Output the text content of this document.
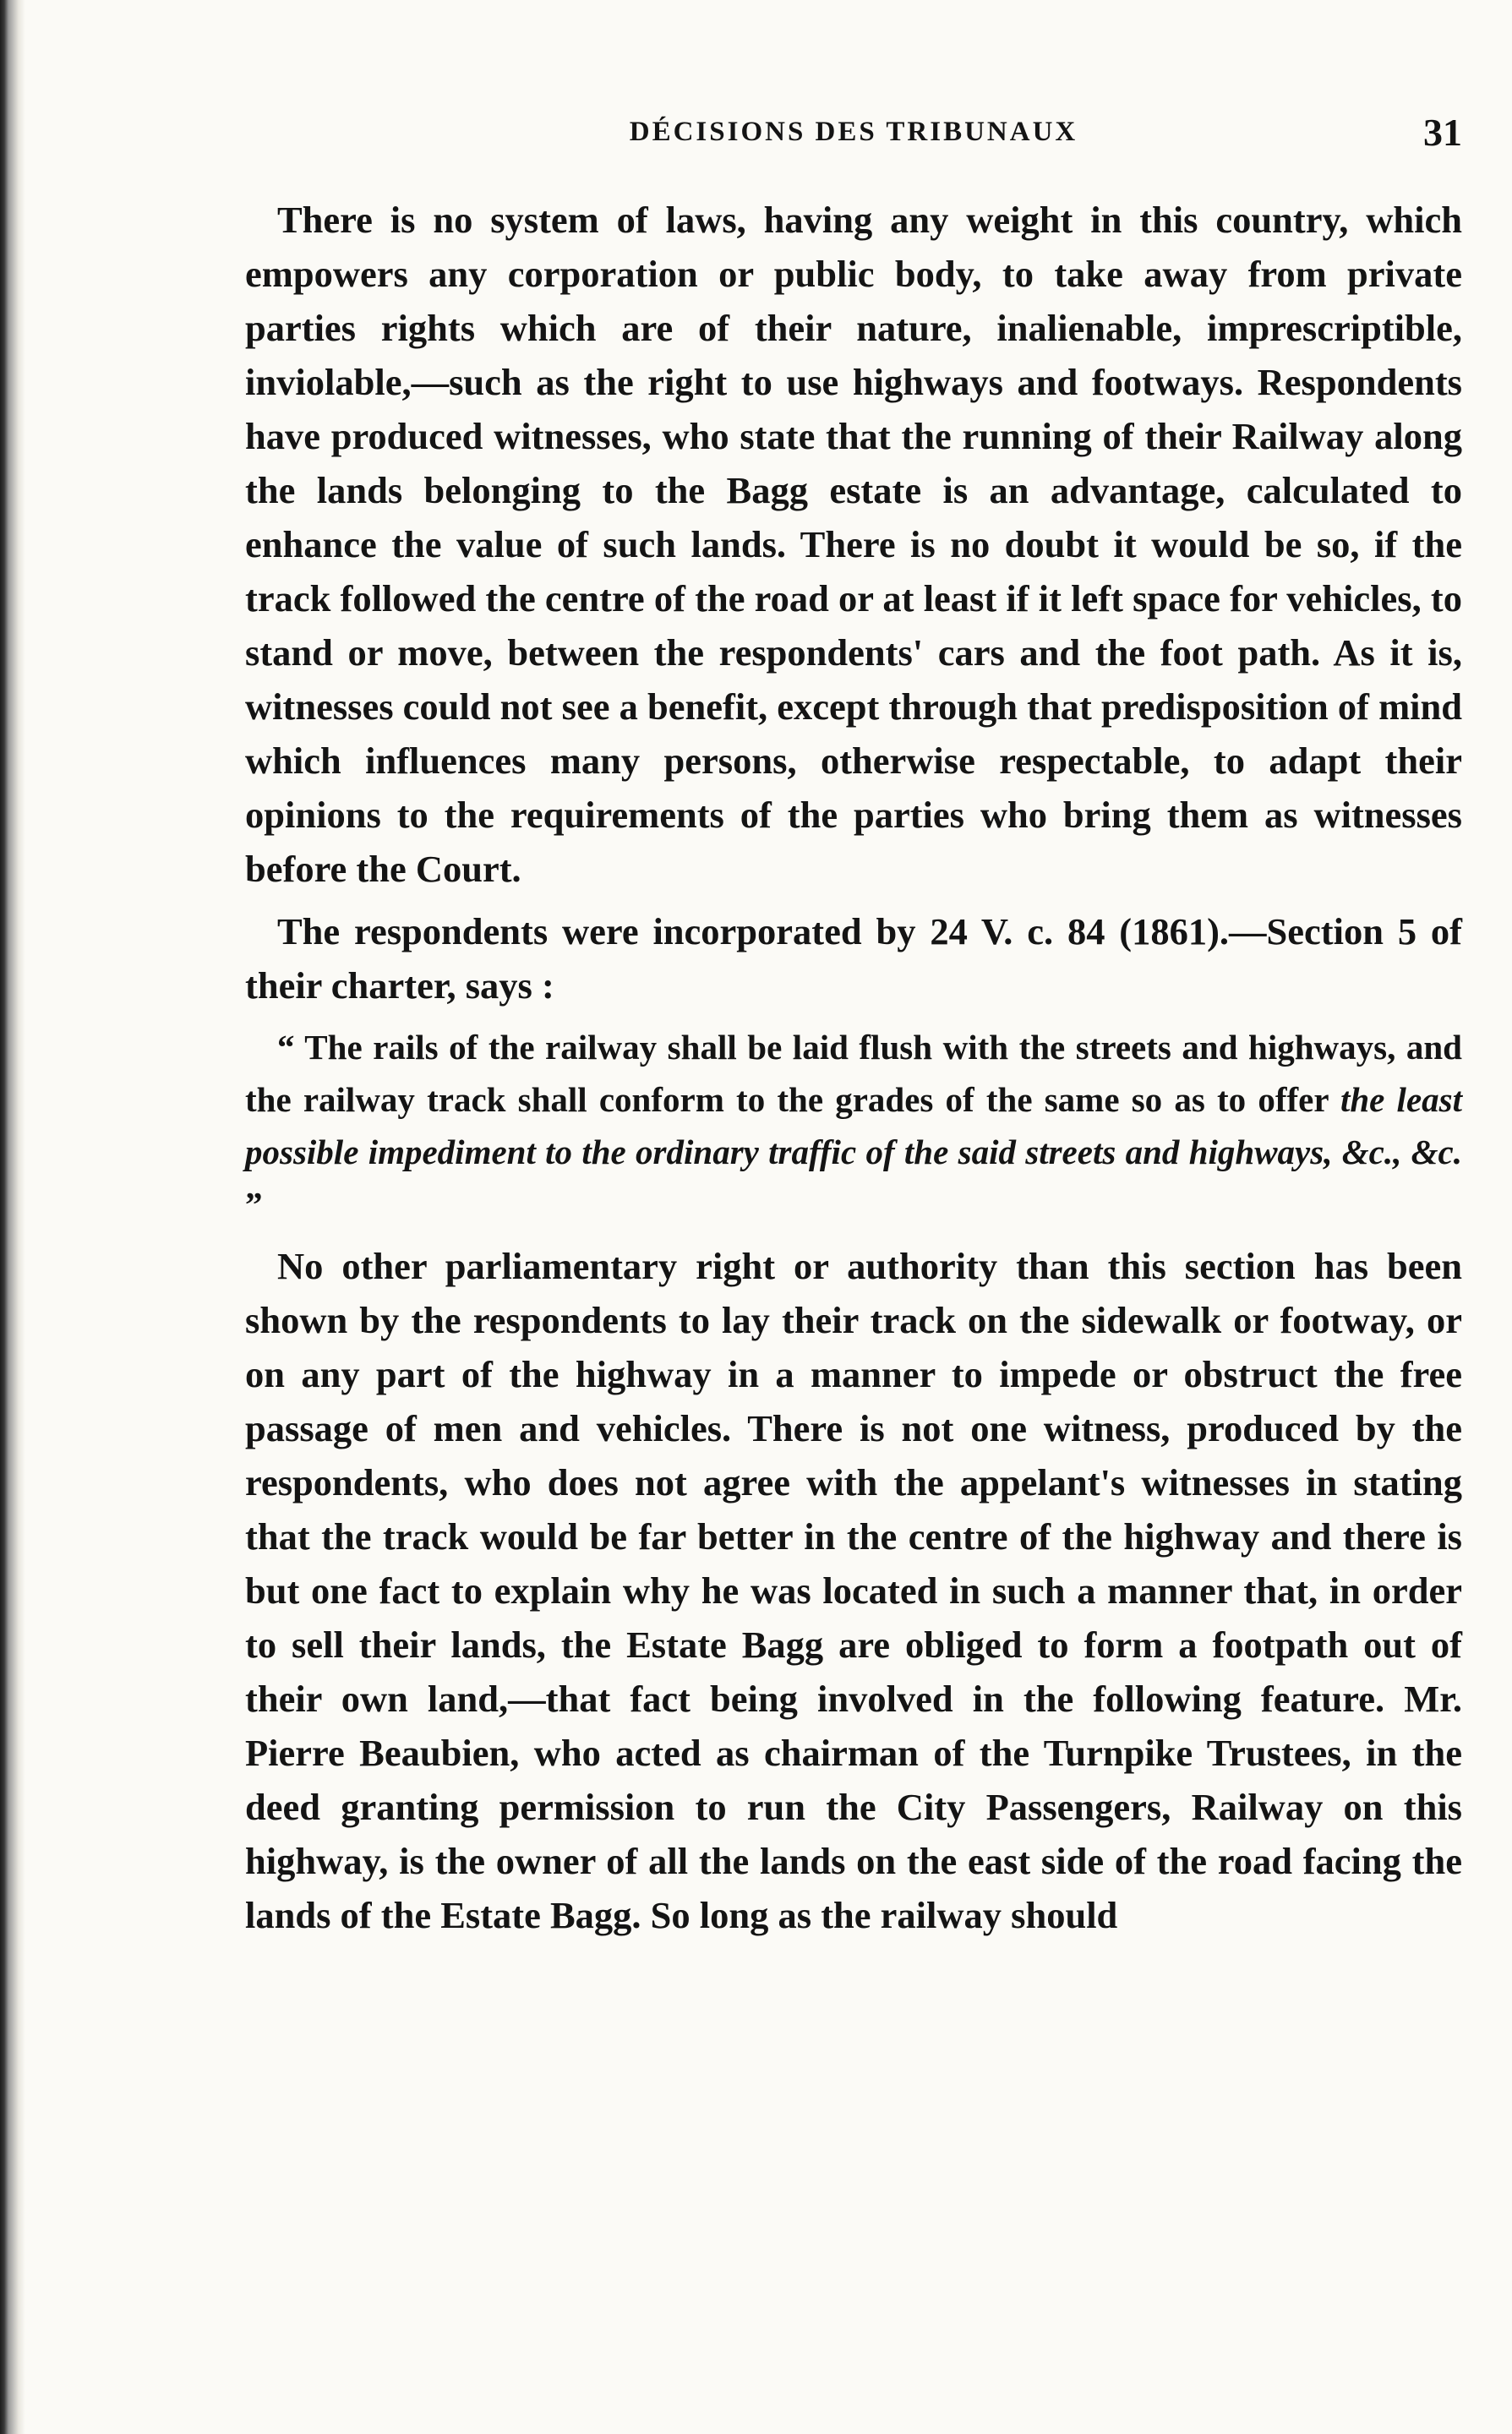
DÉCISIONS DES TRIBUNAUX	31

There is no system of laws, having any weight in this country, which empowers any corporation or public body, to take away from private parties rights which are of their nature, inalienable, imprescriptible, inviolable,—such as the right to use highways and footways. Respondents have produced witnesses, who state that the running of their Railway along the lands belonging to the Bagg estate is an advantage, calculated to enhance the value of such lands. There is no doubt it would be so, if the track followed the centre of the road or at least if it left space for vehicles, to stand or move, between the respondents' cars and the foot path. As it is, witnesses could not see a benefit, except through that predisposition of mind which influences many persons, otherwise respectable, to adapt their opinions to the requirements of the parties who bring them as witnesses before the Court.

The respondents were incorporated by 24 V. c. 84 (1861).—Section 5 of their charter, says :

“ The rails of the railway shall be laid flush with the streets and highways, and the railway track shall conform to the grades of the same so as to offer the least possible impediment to the ordinary traffic of the said streets and highways, &c., &c. ”

No other parliamentary right or authority than this section has been shown by the respondents to lay their track on the sidewalk or footway, or on any part of the highway in a manner to impede or obstruct the free passage of men and vehicles. There is not one witness, produced by the respondents, who does not agree with the appelant's witnesses in stating that the track would be far better in the centre of the highway and there is but one fact to explain why he was located in such a manner that, in order to sell their lands, the Estate Bagg are obliged to form a footpath out of their own land,—that fact being involved in the following feature. Mr. Pierre Beaubien, who acted as chairman of the Turnpike Trustees, in the deed granting permission to run the City Passengers, Railway on this highway, is the owner of all the lands on the east side of the road facing the lands of the Estate Bagg. So long as the railway should
